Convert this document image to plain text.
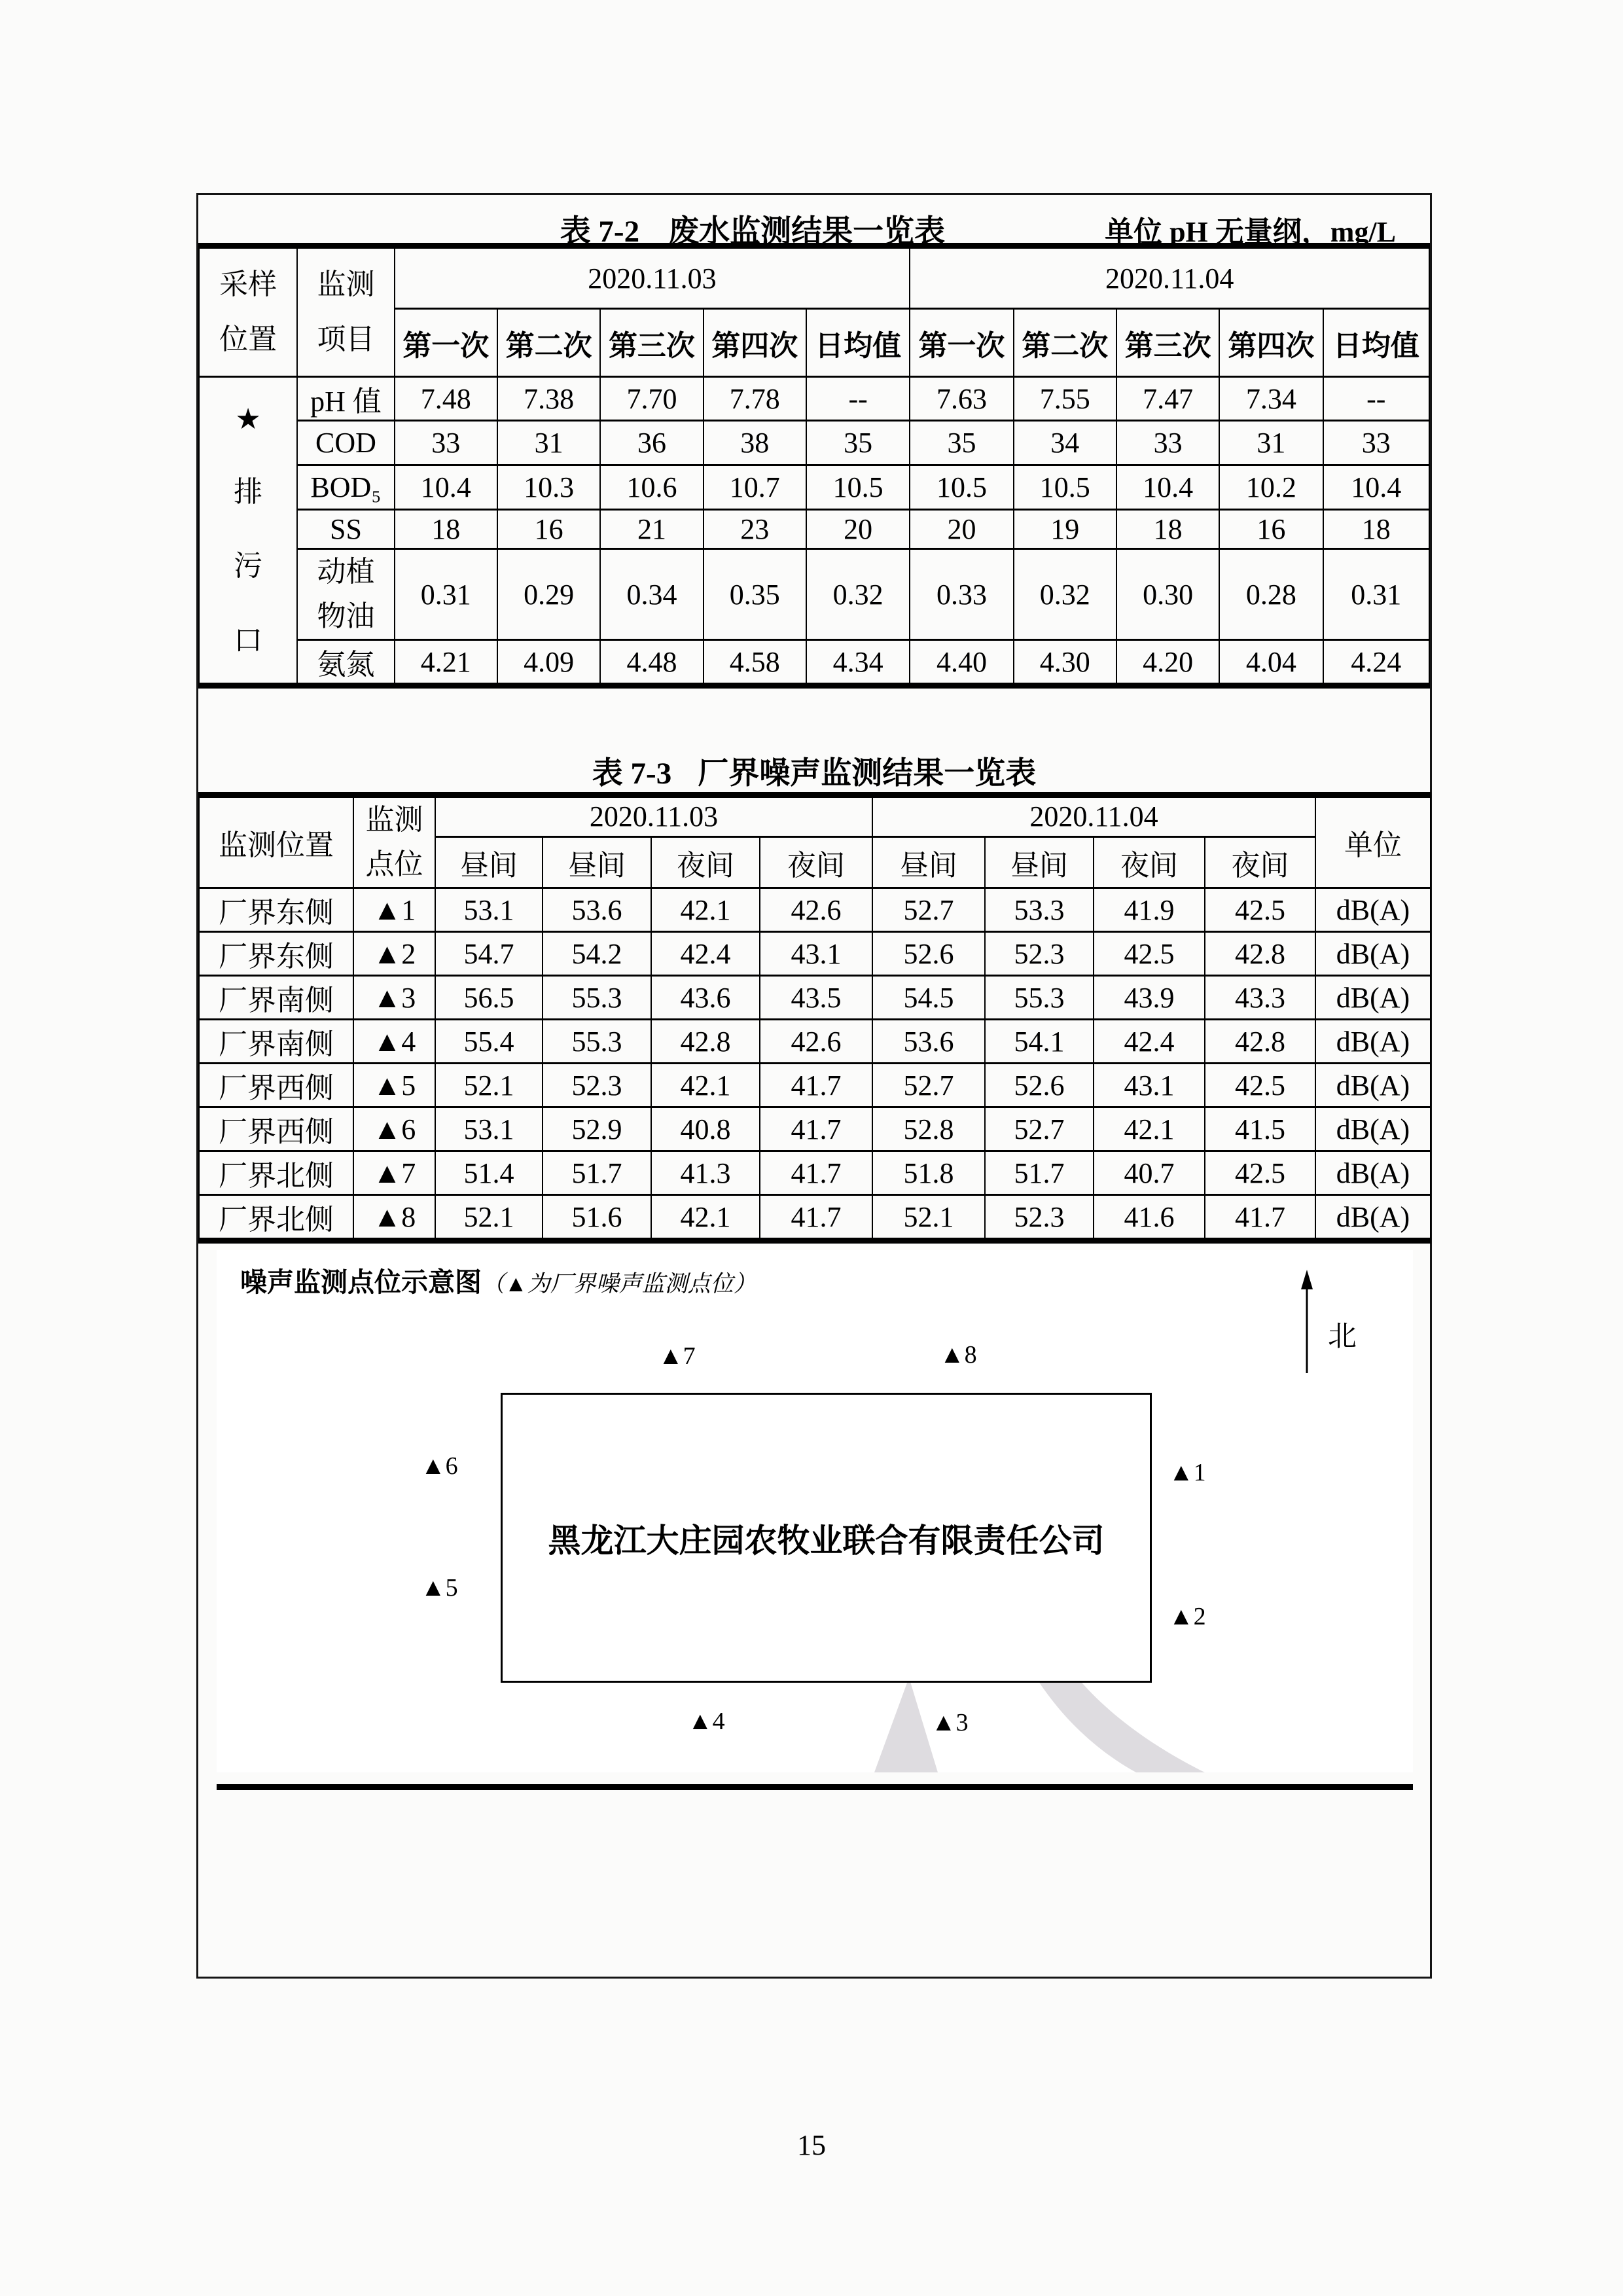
表 7-2 废水监测结果一览表	单位 pH 无量纲，mg/L
采样位置	监测项目	2020.11.03					2020.11.04				
		第一次	第二次	第三次	第四次	日均值	第一次	第二次	第三次	第四次	日均值

★
排
污
口	pH 值	7.48	7.38	7.70	7.78	--	7.63	7.55	7.47	7.34	--
	COD	33	31	36	38	35	35	34	33	31	33
	BOD₅	10.4	10.3	10.6	10.7	10.5	10.5	10.5	10.4	10.2	10.4
	SS	18	16	21	23	20	20	19	18	16	18
	动植物油	0.31	0.29	0.34	0.35	0.32	0.33	0.32	0.30	0.28	0.31
	氨氮	4.21	4.09	4.48	4.58	4.34	4.40	4.30	4.20	4.04	4.24
表 7-3 厂界噪声监测结果一览表
监测位置	监测点位	2020.11.03				2020.11.04				单位
		昼间	昼间	夜间	夜间	昼间	昼间	夜间	夜间	
厂界东侧	▲1	53.1	53.6	42.1	42.6	52.7	53.3	41.9	42.5	dB(A)
厂界东侧	▲2	54.7	54.2	42.4	43.1	52.6	52.3	42.5	42.8	dB(A)
厂界南侧	▲3	56.5	55.3	43.6	43.5	54.5	55.3	43.9	43.3	dB(A)
厂界南侧	▲4	55.4	55.3	42.8	42.6	53.6	54.1	42.4	42.8	dB(A)
厂界西侧	▲5	52.1	52.3	42.1	41.7	52.7	52.6	43.1	42.5	dB(A)
厂界西侧	▲6	53.1	52.9	40.8	41.7	52.8	52.7	42.1	41.5	dB(A)
厂界北侧	▲7	51.4	51.7	41.3	41.7	51.8	51.7	40.7	42.5	dB(A)
厂界北侧	▲8	52.1	51.6	42.1	41.7	52.1	52.3	41.6	41.7	dB(A)
噪声监测点位示意图（▲为厂界噪声监测点位）
北
黑龙江大庄园农牧业联合有限责任公司
▲7	▲8
▲6
▲5
▲1
▲2
▲4	▲3
15
